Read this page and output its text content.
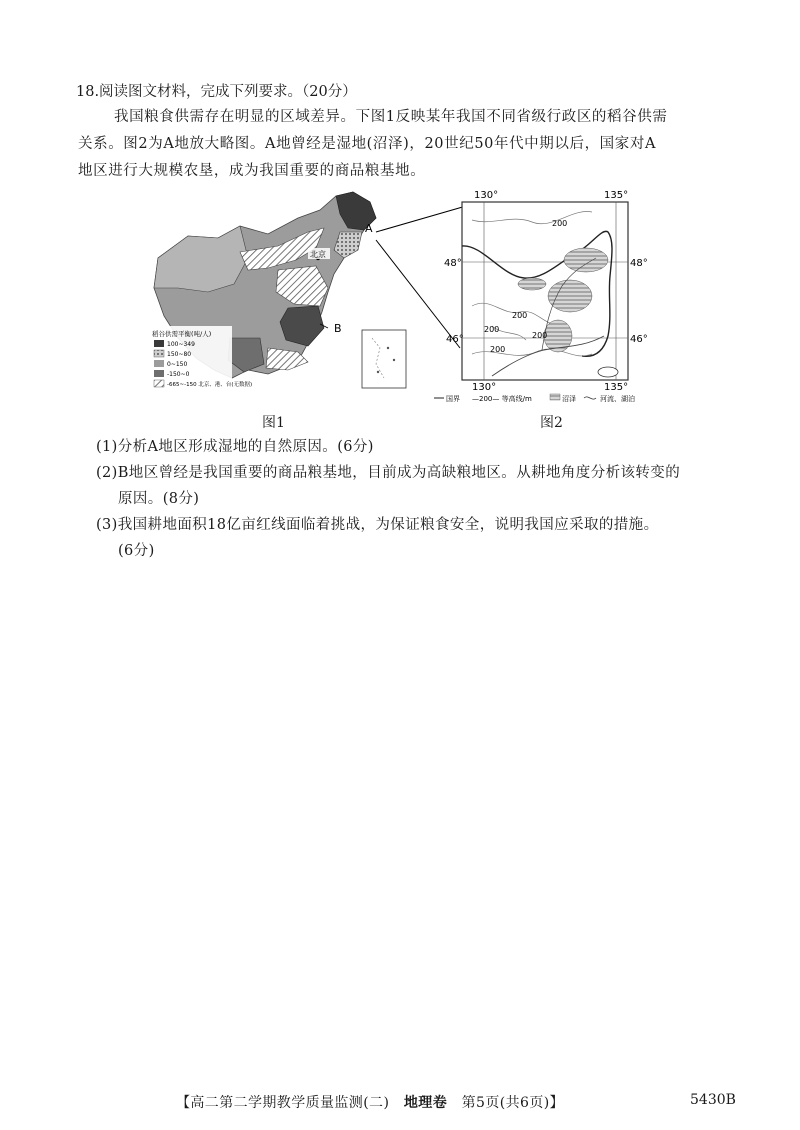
18.阅读图文材料，完成下列要求。（20分）

我国粮食供需存在明显的区域差异。下图1反映某年我国不同省级行政区的稻谷供需

关系。图2为A地放大略图。A地曾经是湿地(沼泽)，20世纪50年代中期以后，国家对A

地区进行大规模农垦，成为我国重要的商品粮基地。

北京
A
B
稻谷供需平衡(吨/人)
100~349
150~80
0~150
-150~0
-665~-150 北京、港、台(无数据)
130°	135°
130°	135°
48°	48°
46°	46°
200
200
200
200
200
国界 —200— 等高线/m	沼泽	河流、湖泊
图1	图2
(1)分析A地区形成湿地的自然原因。(6分)
(2)B地区曾经是我国重要的商品粮基地，目前成为高缺粮地区。从耕地角度分析该转变的
原因。(8分)
(3)我国耕地面积18亿亩红线面临着挑战，为保证粮食安全，说明我国应采取的措施。
(6分)
【高二第二学期教学质量监测(二) 地理卷 第5页(共6页)】	5430B
